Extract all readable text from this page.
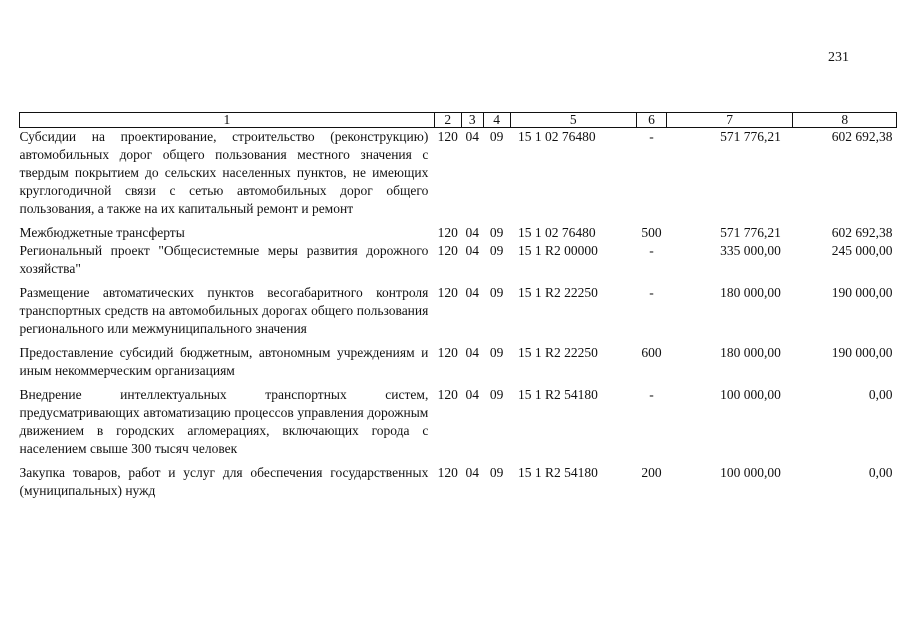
231
1	2	3	4	5	6	7	8
Субсидии на проектирование, строительство (реконструкцию) автомобильных дорог общего пользования местного значения с твердым покрытием до сельских населенных пунктов, не имеющих круглогодичной связи с сетью автомобильных дорог общего пользования, а также на их капитальный ремонт и ремонт	120	04	09	15 1 02 76480	-	571 776,21	602 692,38

Межбюджетные трансферты	120	04	09	15 1 02 76480	500	571 776,21	602 692,38
Региональный проект "Общесистемные меры развития дорожного хозяйства"	120	04	09	15 1 R2 00000	-	335 000,00	245 000,00

Размещение автоматических пунктов весогабаритного контроля транспортных средств на автомобильных дорогах общего пользования регионального или межмуниципального значения	120	04	09	15 1 R2 22250	-	180 000,00	190 000,00

Предоставление субсидий бюджетным, автономным учреждениям и иным некоммерческим организациям	120	04	09	15 1 R2 22250	600	180 000,00	190 000,00

Внедрение интеллектуальных транспортных систем, предусматривающих автоматизацию процессов управления дорожным движением в городских агломерациях, включающих города с населением свыше 300 тысяч человек	120	04	09	15 1 R2 54180	-	100 000,00	0,00

Закупка товаров, работ и услуг для обеспечения государственных (муниципальных) нужд	120	04	09	15 1 R2 54180	200	100 000,00	0,00
